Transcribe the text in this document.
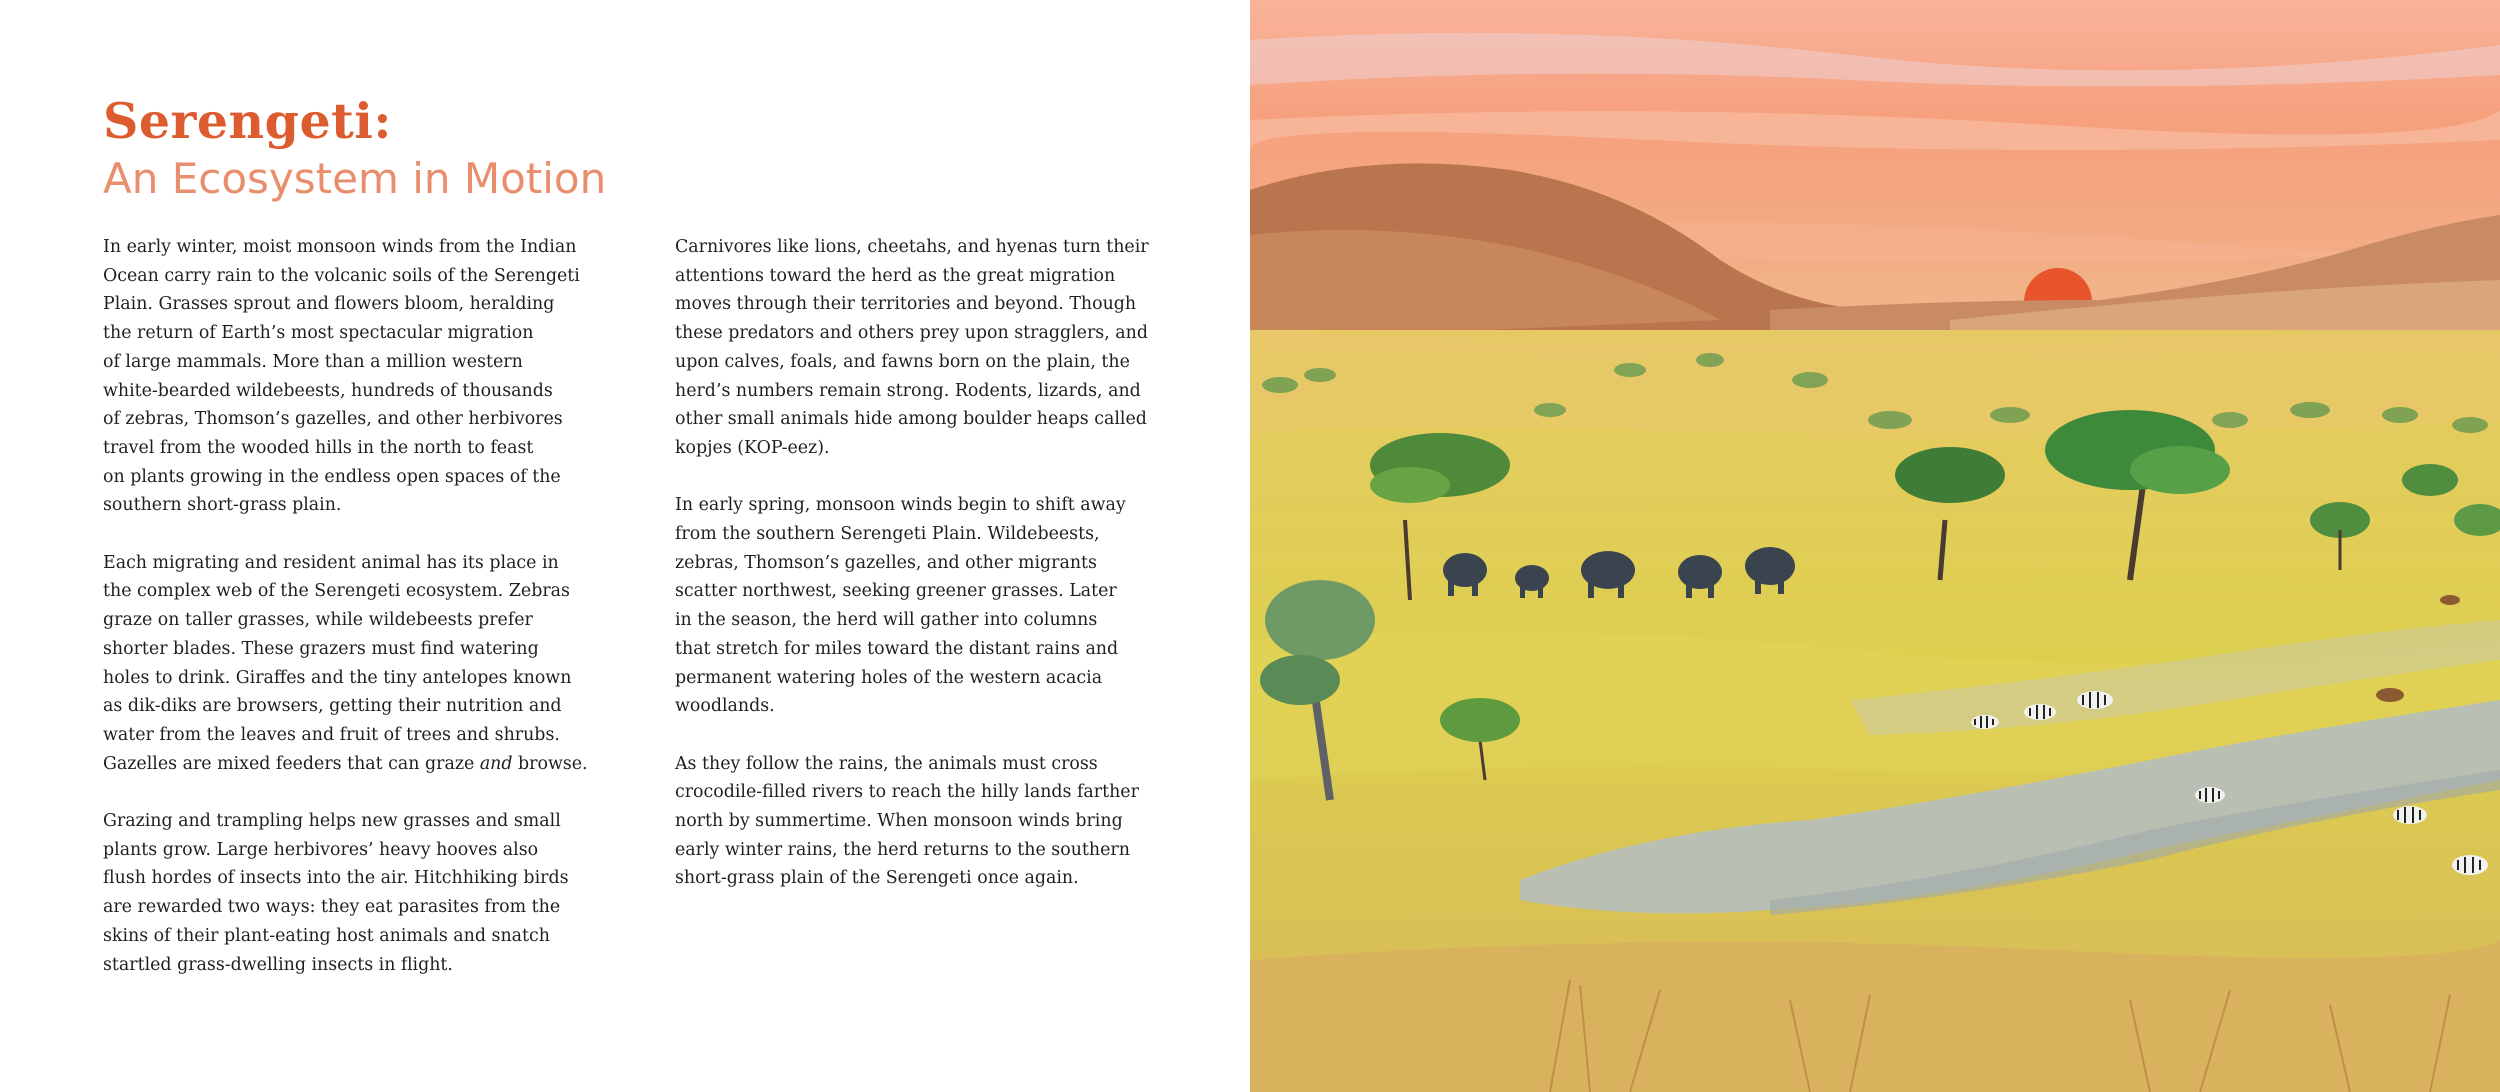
Serengeti:
An Ecosystem in Motion

In early winter, moist monsoon winds from the Indian
Ocean carry rain to the volcanic soils of the Serengeti
Plain. Grasses sprout and flowers bloom, heralding
the return of Earth’s most spectacular migration
of large mammals. More than a million western
white-bearded wildebeests, hundreds of thousands
of zebras, Thomson’s gazelles, and other herbivores
travel from the wooded hills in the north to feast
on plants growing in the endless open spaces of the
southern short-grass plain.

Each migrating and resident animal has its place in
the complex web of the Serengeti ecosystem. Zebras
graze on taller grasses, while wildebeests prefer
shorter blades. These grazers must find watering
holes to drink. Giraffes and the tiny antelopes known
as dik-diks are browsers, getting their nutrition and
water from the leaves and fruit of trees and shrubs.
Gazelles are mixed feeders that can graze and browse.

Grazing and trampling helps new grasses and small
plants grow. Large herbivores’ heavy hooves also
flush hordes of insects into the air. Hitchhiking birds
are rewarded two ways: they eat parasites from the
skins of their plant-eating host animals and snatch
startled grass-dwelling insects in flight.

Carnivores like lions, cheetahs, and hyenas turn their
attentions toward the herd as the great migration
moves through their territories and beyond. Though
these predators and others prey upon stragglers, and
upon calves, foals, and fawns born on the plain, the
herd’s numbers remain strong. Rodents, lizards, and
other small animals hide among boulder heaps called
kopjes (KOP-eez).

In early spring, monsoon winds begin to shift away
from the southern Serengeti Plain. Wildebeests,
zebras, Thomson’s gazelles, and other migrants
scatter northwest, seeking greener grasses. Later
in the season, the herd will gather into columns
that stretch for miles toward the distant rains and
permanent watering holes of the western acacia
woodlands.

As they follow the rains, the animals must cross
crocodile-filled rivers to reach the hilly lands farther
north by summertime. When monsoon winds bring
early winter rains, the herd returns to the southern
short-grass plain of the Serengeti once again.
